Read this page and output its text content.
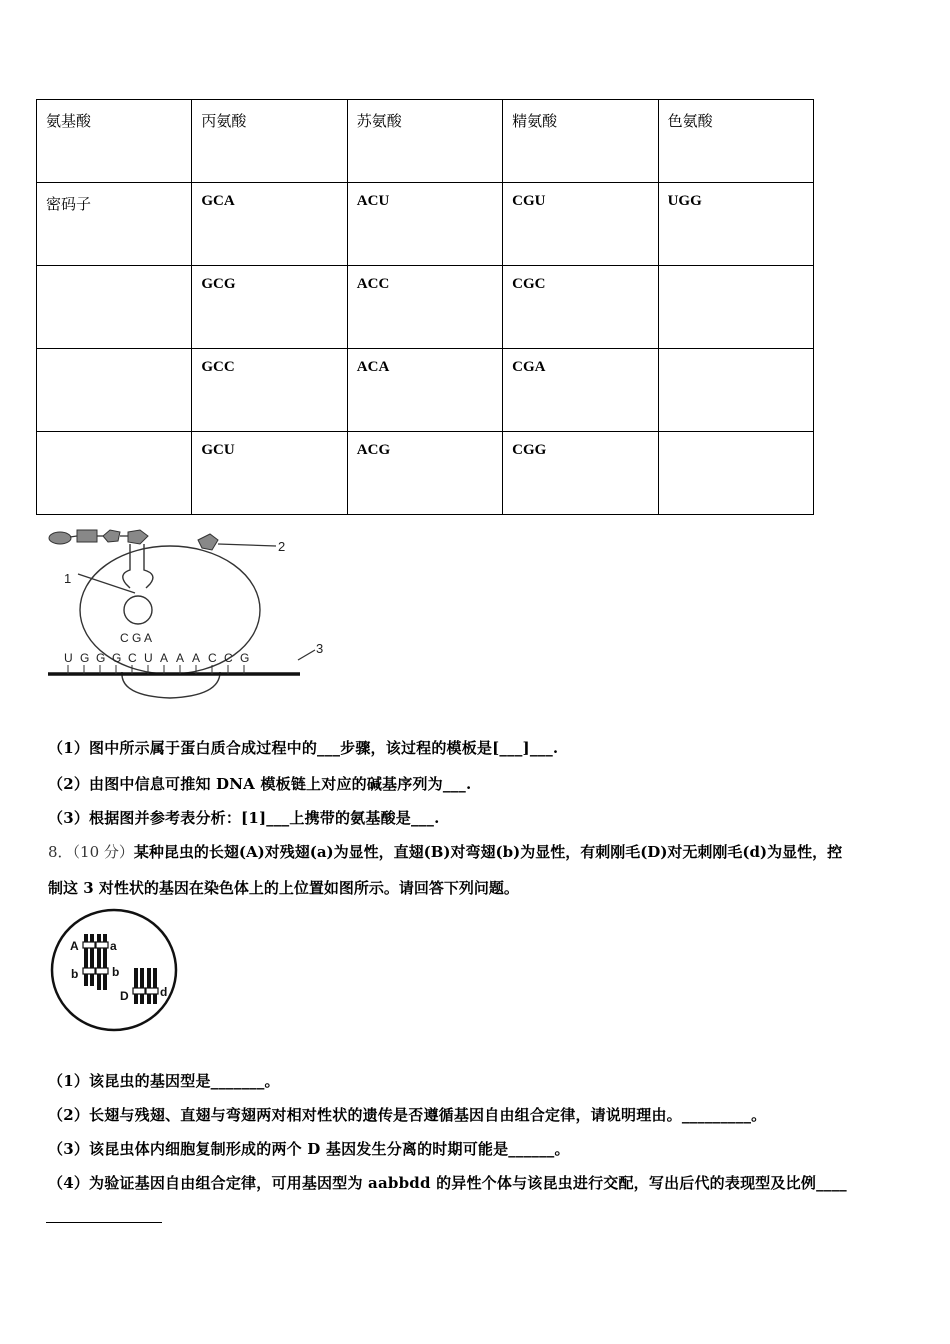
氨基酸	丙氨酸	苏氨酸	精氨酸	色氨酸
密码子	GCA	ACU	CGU	UGG
	GCG	ACC	CGC	
	GCC	ACA	CGA	
	GCU	ACG	CGG	
1
2
3
C G A
U G G G C U A A A C C G
（1）图中所示属于蛋白质合成过程中的___步骤，该过程的模板是[___]___.
（2）由图中信息可推知 DNA 模板链上对应的碱基序列为___.
（3）根据图并参考表分析：[1]___上携带的氨基酸是___.
8．（10 分）某种昆虫的长翅(A)对残翅(a)为显性，直翅(B)对弯翅(b)为显性，有刺刚毛(D)对无刺刚毛(d)为显性，控
制这 3 对性状的基因在染色体上的上位置如图所示。请回答下列问题。
A	a
b	b
D	d
（1）该昆虫的基因型是_______。
（2）长翅与残翅、直翅与弯翅两对相对性状的遗传是否遵循基因自由组合定律，请说明理由。_________。
（3）该昆虫体内细胞复制形成的两个 D 基因发生分离的时期可能是______。
（4）为验证基因自由组合定律，可用基因型为 aabbdd 的异性个体与该昆虫进行交配，写出后代的表现型及比例____
